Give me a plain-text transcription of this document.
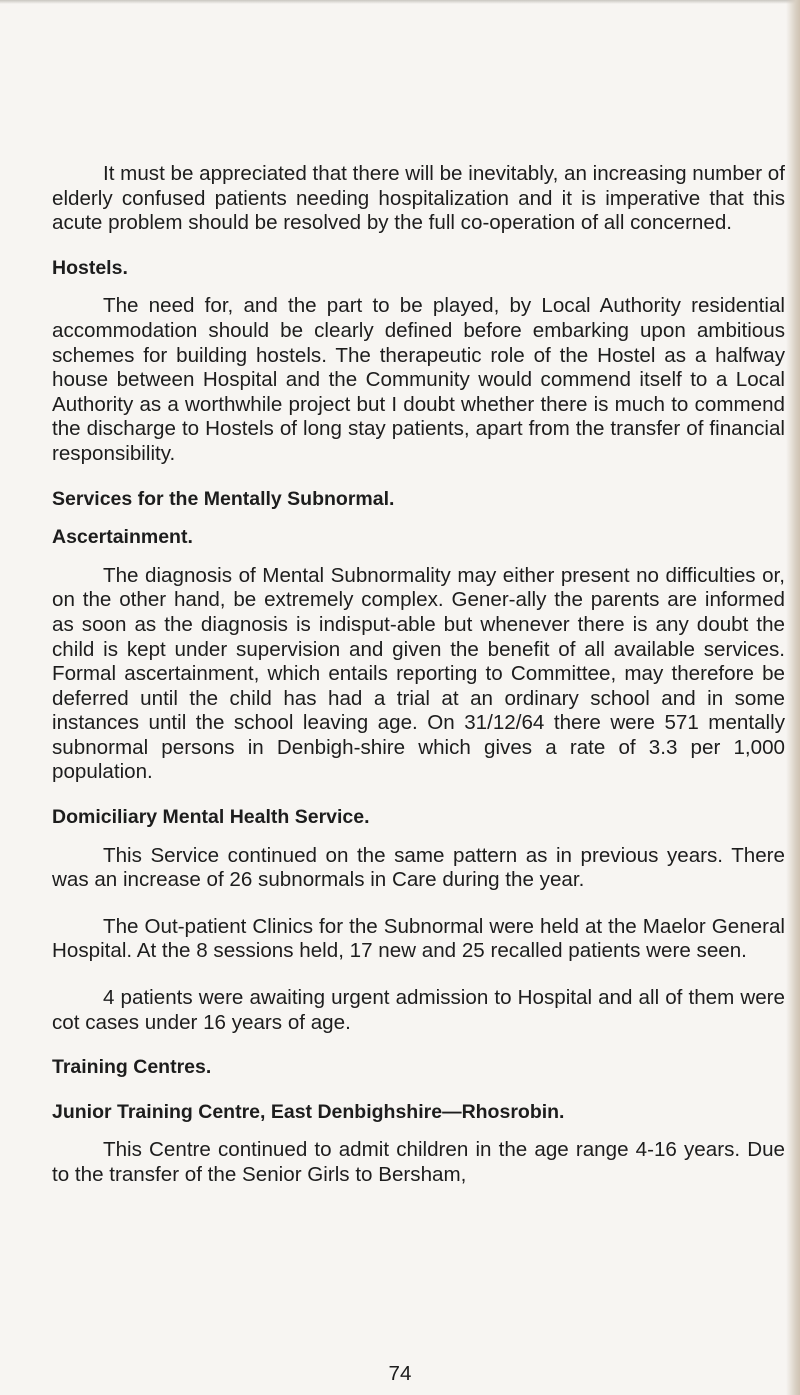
It must be appreciated that there will be inevitably, an increasing number of elderly confused patients needing hospitalization and it is imperative that this acute problem should be resolved by the full co-operation of all concerned.

Hostels.

The need for, and the part to be played, by Local Authority residential accommodation should be clearly defined before embarking upon ambitious schemes for building hostels. The therapeutic role of the Hostel as a halfway house between Hospital and the Community would commend itself to a Local Authority as a worthwhile project but I doubt whether there is much to commend the discharge to Hostels of long stay patients, apart from the transfer of financial responsibility.

Services for the Mentally Subnormal.
Ascertainment.

The diagnosis of Mental Subnormality may either present no difficulties or, on the other hand, be extremely complex. Gener-ally the parents are informed as soon as the diagnosis is indisput-able but whenever there is any doubt the child is kept under supervision and given the benefit of all available services. Formal ascertainment, which entails reporting to Committee, may therefore be deferred until the child has had a trial at an ordinary school and in some instances until the school leaving age. On 31/12/64 there were 571 mentally subnormal persons in Denbigh-shire which gives a rate of 3.3 per 1,000 population.

Domiciliary Mental Health Service.

This Service continued on the same pattern as in previous years. There was an increase of 26 subnormals in Care during the year.

The Out-patient Clinics for the Subnormal were held at the Maelor General Hospital. At the 8 sessions held, 17 new and 25 recalled patients were seen.

4 patients were awaiting urgent admission to Hospital and all of them were cot cases under 16 years of age.

Training Centres.
Junior Training Centre, East Denbighshire—Rhosrobin.

This Centre continued to admit children in the age range 4-16 years. Due to the transfer of the Senior Girls to Bersham,

74
